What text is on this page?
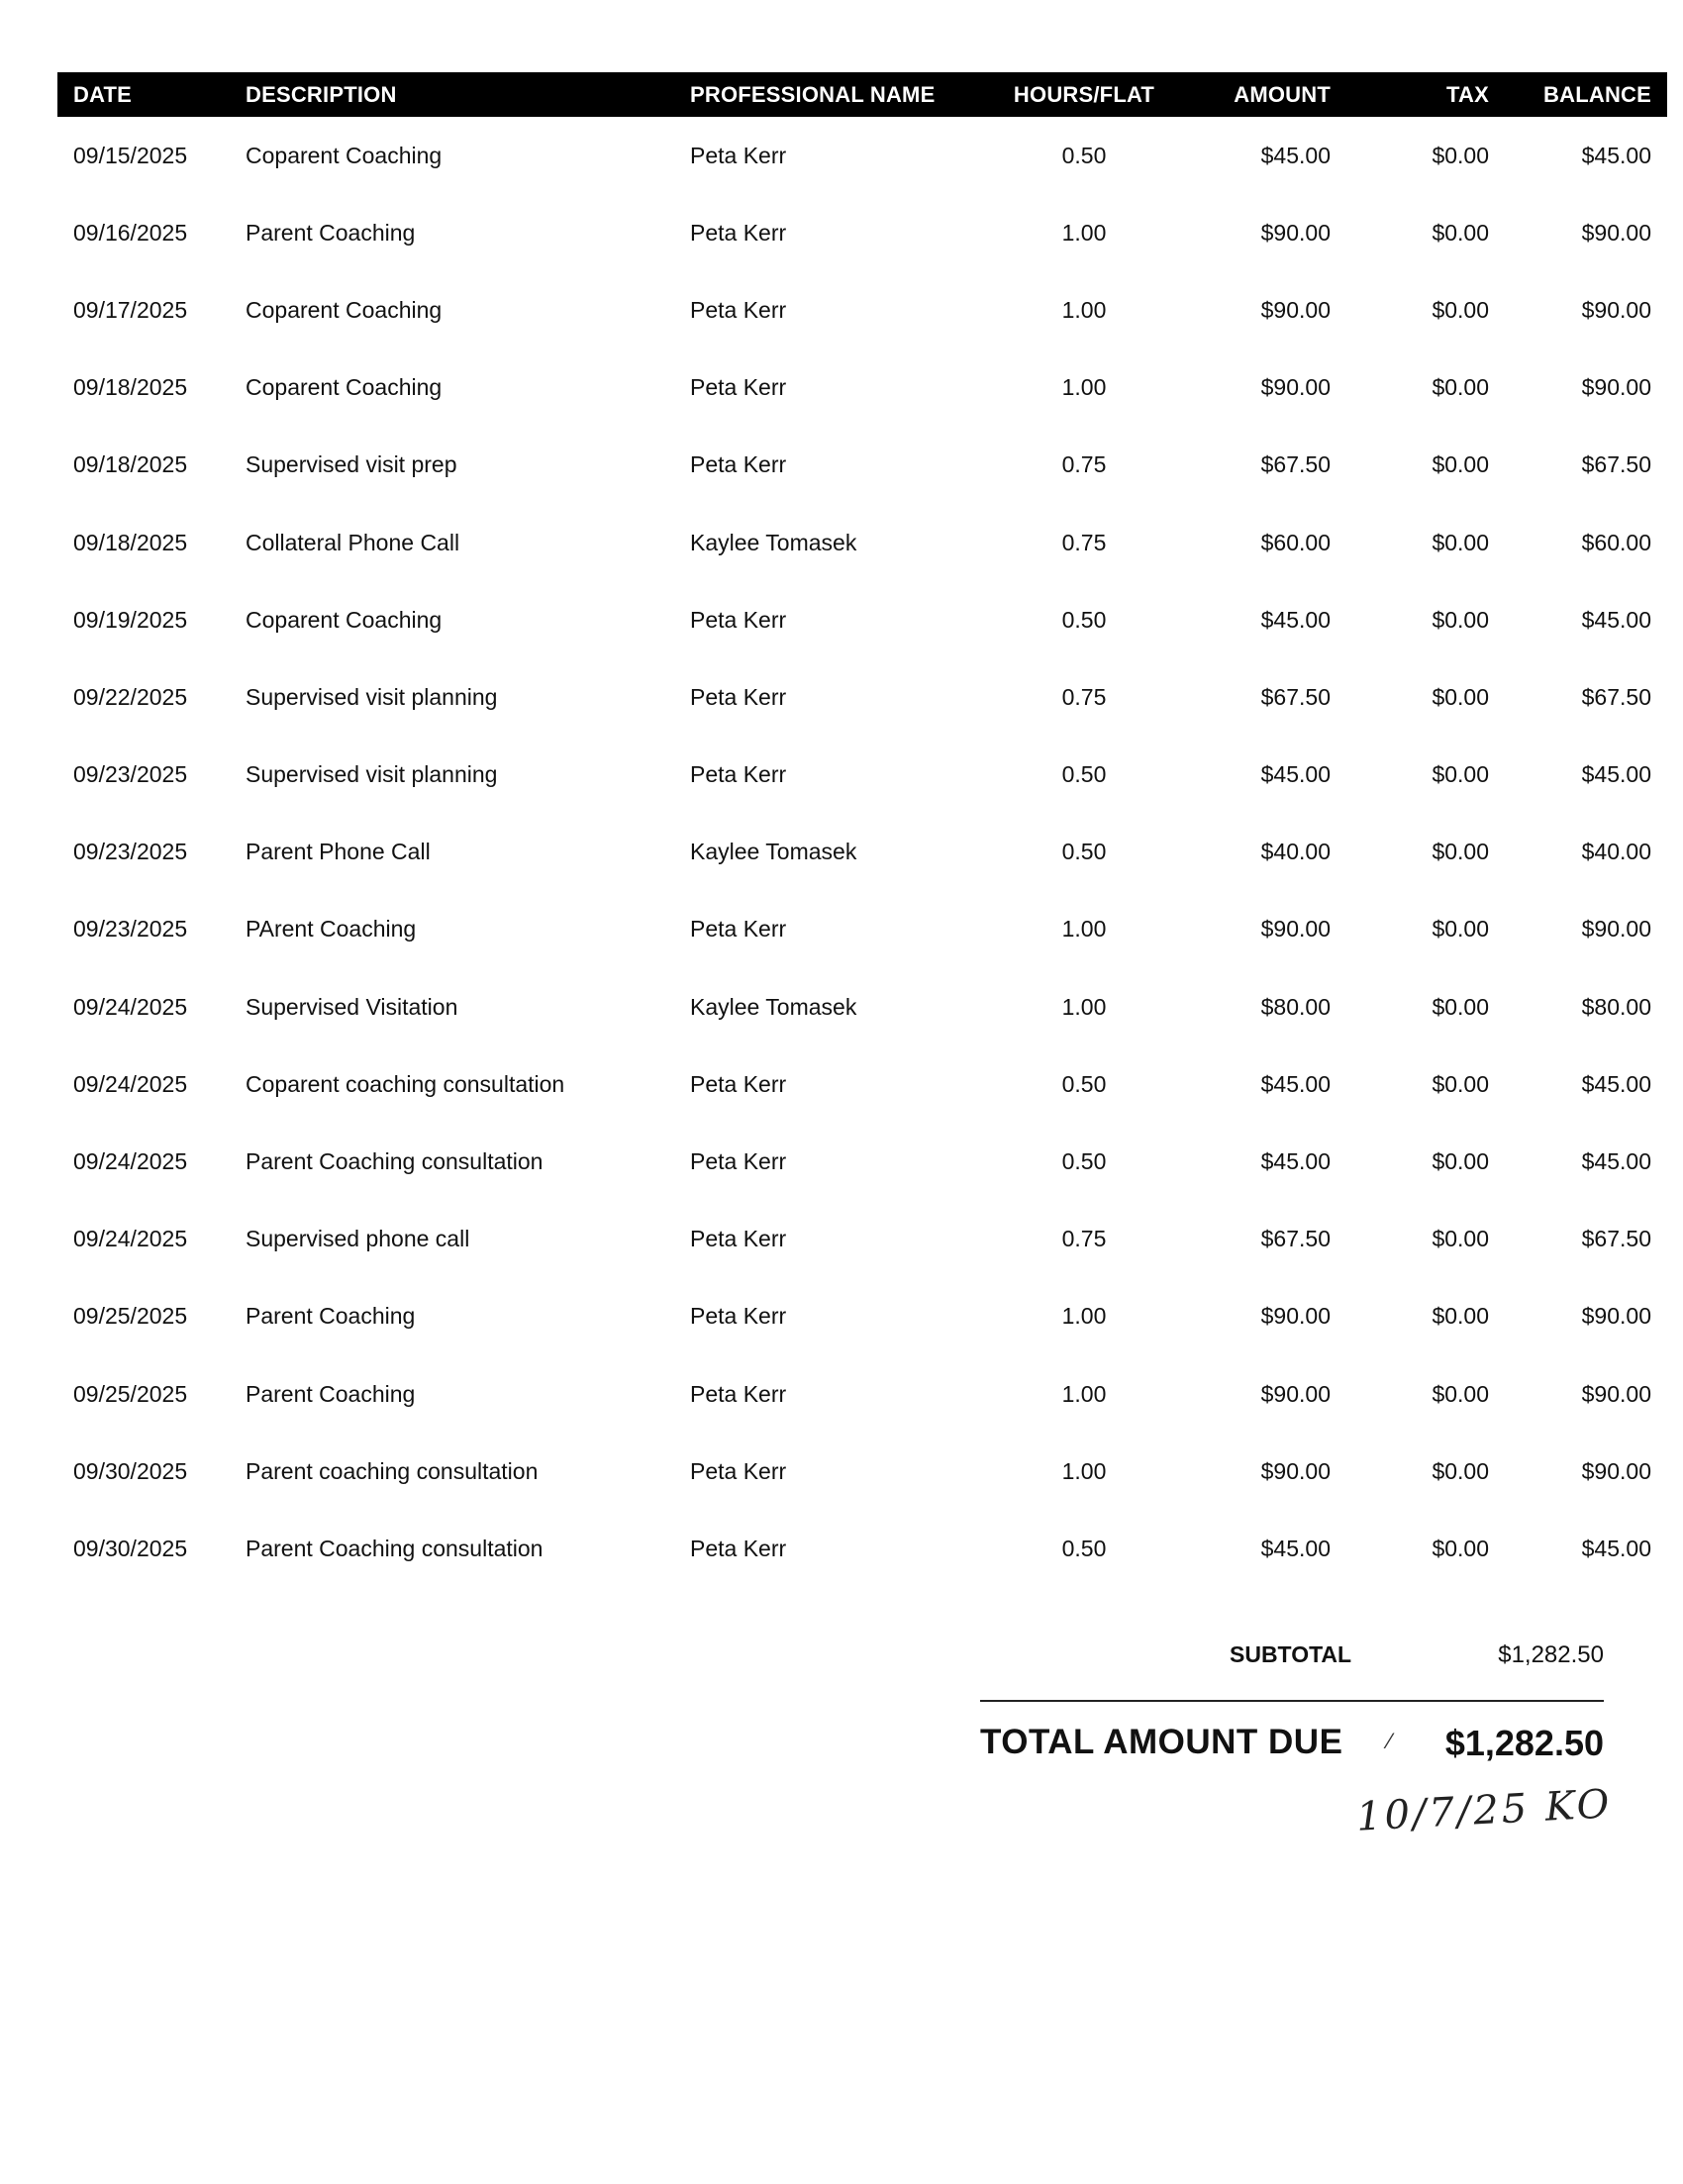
DATE	DESCRIPTION	PROFESSIONAL NAME	HOURS/FLAT	AMOUNT	TAX	BALANCE
09/15/2025	Coparent Coaching	Peta Kerr	0.50	$45.00	$0.00	$45.00
09/16/2025	Parent Coaching	Peta Kerr	1.00	$90.00	$0.00	$90.00
09/17/2025	Coparent Coaching	Peta Kerr	1.00	$90.00	$0.00	$90.00
09/18/2025	Coparent Coaching	Peta Kerr	1.00	$90.00	$0.00	$90.00
09/18/2025	Supervised visit prep	Peta Kerr	0.75	$67.50	$0.00	$67.50
09/18/2025	Collateral Phone Call	Kaylee Tomasek	0.75	$60.00	$0.00	$60.00
09/19/2025	Coparent Coaching	Peta Kerr	0.50	$45.00	$0.00	$45.00
09/22/2025	Supervised visit planning	Peta Kerr	0.75	$67.50	$0.00	$67.50
09/23/2025	Supervised visit planning	Peta Kerr	0.50	$45.00	$0.00	$45.00
09/23/2025	Parent Phone Call	Kaylee Tomasek	0.50	$40.00	$0.00	$40.00
09/23/2025	PArent Coaching	Peta Kerr	1.00	$90.00	$0.00	$90.00
09/24/2025	Supervised Visitation	Kaylee Tomasek	1.00	$80.00	$0.00	$80.00
09/24/2025	Coparent coaching consultation	Peta Kerr	0.50	$45.00	$0.00	$45.00
09/24/2025	Parent Coaching consultation	Peta Kerr	0.50	$45.00	$0.00	$45.00
09/24/2025	Supervised phone call	Peta Kerr	0.75	$67.50	$0.00	$67.50
09/25/2025	Parent Coaching	Peta Kerr	1.00	$90.00	$0.00	$90.00
09/25/2025	Parent Coaching	Peta Kerr	1.00	$90.00	$0.00	$90.00
09/30/2025	Parent coaching consultation	Peta Kerr	1.00	$90.00	$0.00	$90.00
09/30/2025	Parent Coaching consultation	Peta Kerr	0.50	$45.00	$0.00	$45.00
SUBTOTAL	$1,282.50
TOTAL AMOUNT DUE ⁄ $1,282.50
10/7/25 KO
